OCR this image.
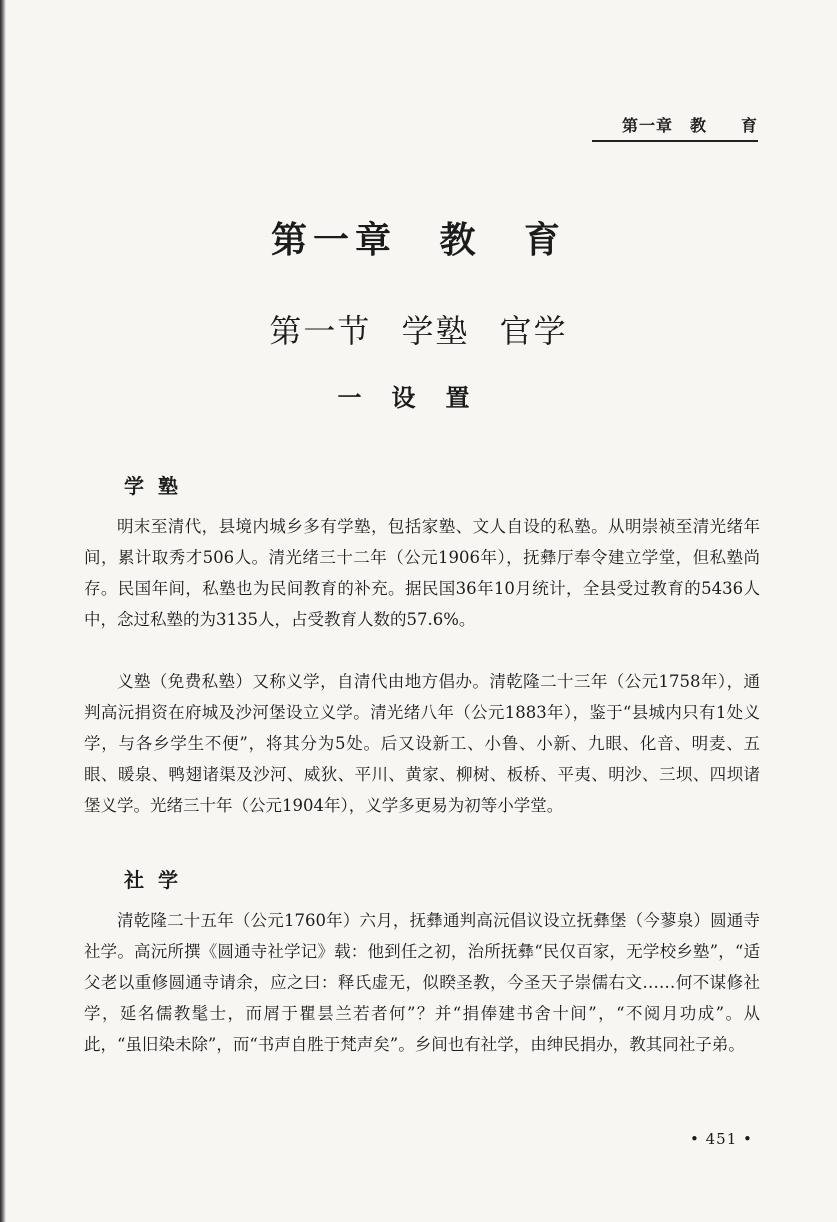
第一章　教　　育
第一章 教 育
第一节 学塾 官学
一设置
学塾

明末至清代，县境内城乡多有学塾，包括家塾、文人自设的私塾。从明崇祯至清光绪年间，累计取秀才506人。清光绪三十二年（公元1906年），抚彝厅奉令建立学堂，但私塾尚存。民国年间，私塾也为民间教育的补充。据民国36年10月统计，全县受过教育的5436人中，念过私塾的为3135人，占受教育人数的57.6%。

义塾（免费私塾）又称义学，自清代由地方倡办。清乾隆二十三年（公元1758年），通判高沅捐资在府城及沙河堡设立义学。清光绪八年（公元1883年），鉴于“县城内只有1处义学，与各乡学生不便”，将其分为5处。后又设新工、小鲁、小新、九眼、化音、明麦、五眼、暖泉、鸭翅诸渠及沙河、威狄、平川、黄家、柳树、板桥、平夷、明沙、三坝、四坝诸堡义学。光绪三十年（公元1904年），义学多更易为初等小学堂。

社学

清乾隆二十五年（公元1760年）六月，抚彝通判高沅倡议设立抚彝堡（今蓼泉）圆通寺社学。高沅所撰《圆通寺社学记》载：他到任之初，治所抚彝“民仅百家，无学校乡塾”，“适父老以重修圆通寺请余，应之曰：释氏虚无，似睽圣教，今圣天子崇儒右文……何不谋修社学，延名儒教髦士，而屑于瞿昙兰若者何”？并“捐俸建书舍十间”，“不阅月功成”。从此，“虽旧染未除”，而“书声自胜于梵声矣”。乡间也有社学，由绅民捐办，教其同社子弟。

• 451 •
